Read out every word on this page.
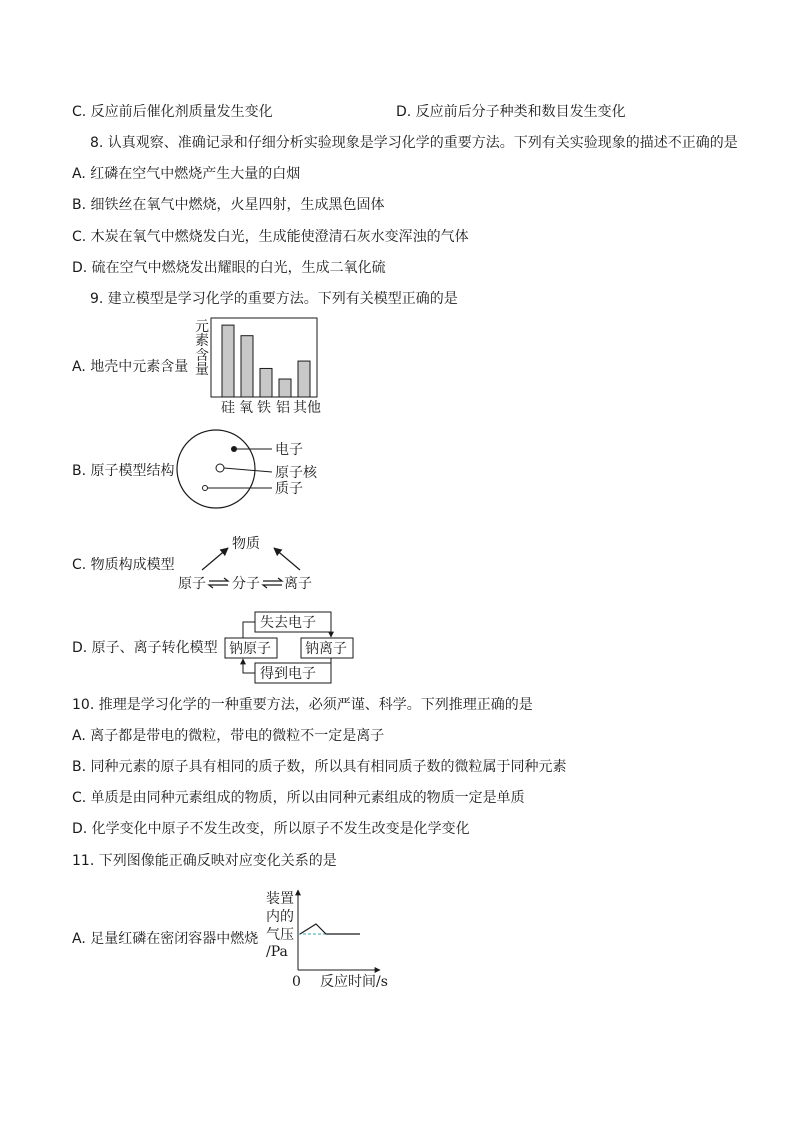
C. 反应前后催化剂质量发生变化	D. 反应前后分子种类和数目发生变化
8. 认真观察、准确记录和仔细分析实验现象是学习化学的重要方法。下列有关实验现象的描述不正确的是
A. 红磷在空气中燃烧产生大量的白烟
B. 细铁丝在氧气中燃烧，火星四射，生成黑色固体
C. 木炭在氧气中燃烧发白光，生成能使澄清石灰水变浑浊的气体
D. 硫在空气中燃烧发出耀眼的白光，生成二氧化硫
9. 建立模型是学习化学的重要方法。下列有关模型正确的是
A. 地壳中元素含量
元
素
含
量
硅 氧 铁 铝 其他
B. 原子模型结构
电子
原子核
质子
C. 物质构成模型
物质
原子 分子 离子
D. 原子、离子转化模型
失去电子
钠原子 钠离子
得到电子
10. 推理是学习化学的一种重要方法，必须严谨、科学。下列推理正确的是
A. 离子都是带电的微粒，带电的微粒不一定是离子
B. 同种元素的原子具有相同的质子数，所以具有相同质子数的微粒属于同种元素
C. 单质是由同种元素组成的物质，所以由同种元素组成的物质一定是单质
D. 化学变化中原子不发生改变，所以原子不发生改变是化学变化
11. 下列图像能正确反映对应变化关系的是
A. 足量红磷在密闭容器中燃烧
装置
内的
气压
/Pa
0 反应时间/s
